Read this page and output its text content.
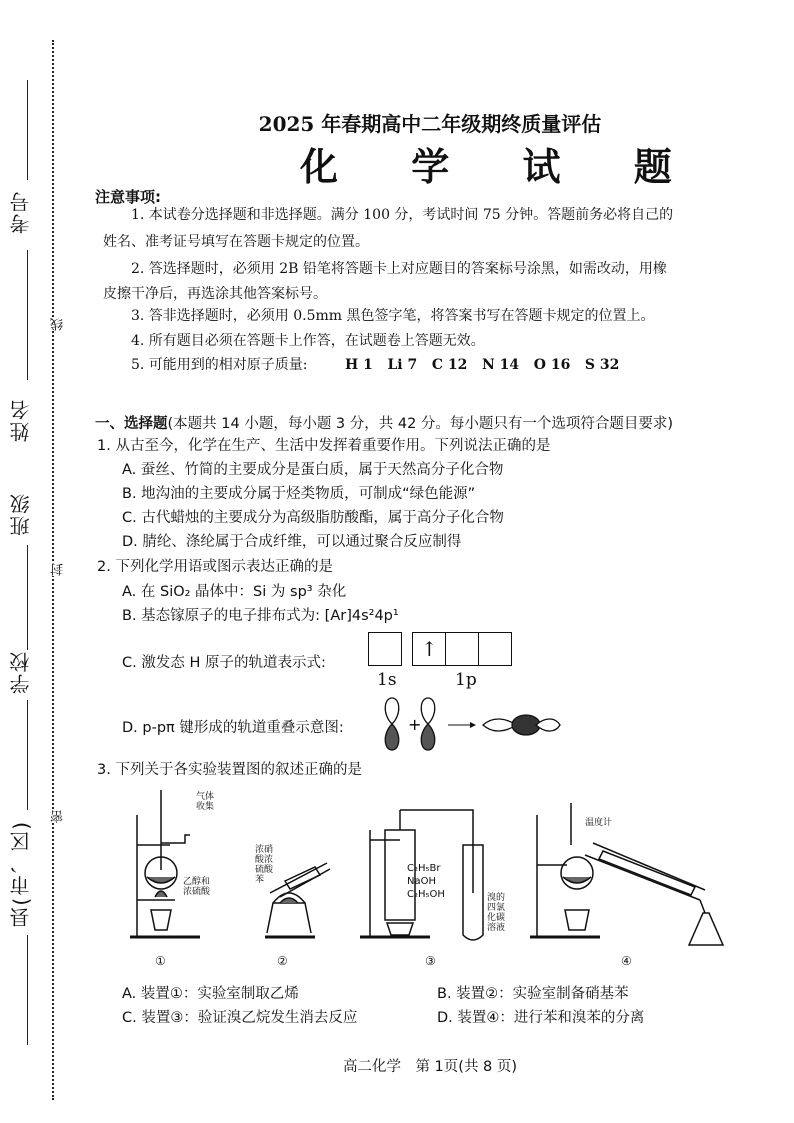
考号
姓名
班级
学校
县(市、区)
线
封
密
2025 年春期高中二年级期终质量评估
化 学 试 题
注意事项:
1. 本试卷分选择题和非选择题。满分 100 分，考试时间 75 分钟。答题前务必将自己的
姓名、准考证号填写在答题卡规定的位置。
2. 答选择题时，必须用 2B 铅笔将答题卡上对应题目的答案标号涂黑，如需改动，用橡
皮擦干净后，再选涂其他答案标号。
3. 答非选择题时，必须用 0.5mm 黑色签字笔，将答案书写在答题卡规定的位置上。
4. 所有题目必须在答题卡上作答，在试题卷上答题无效。
5. 可能用到的相对原子质量:	H 1   Li 7   C 12   N 14   O 16   S 32
一、选择题(本题共 14 小题，每小题 3 分，共 42 分。每小题只有一个选项符合题目要求)
1. 从古至今，化学在生产、生活中发挥着重要作用。下列说法正确的是
A. 蚕丝、竹简的主要成分是蛋白质，属于天然高分子化合物
B. 地沟油的主要成分属于烃类物质，可制成“绿色能源”
C. 古代蜡烛的主要成分为高级脂肪酸酯，属于高分子化合物
D. 腈纶、涤纶属于合成纤维，可以通过聚合反应制得
2. 下列化学用语或图示表达正确的是
A. 在 SiO₂ 晶体中：Si 为 sp³ 杂化
B. 基态镓原子的电子排布式为: [Ar]4s²4p¹
C. 激发态 H 原子的轨道表示式:
↑
1s	1p
D. p-pπ 键形成的轨道重叠示意图:	+
3. 下列关于各实验装置图的叙述正确的是
气体收集
乙醇和浓硫酸
浓硝酸浓硫酸苯
C₂H₅Br NaOH C₂H₅OH	溴的四氯化碳溶液
温度计
①	②	③	④
A. 装置①：实验室制取乙烯	B. 装置②：实验室制备硝基苯
C. 装置③：验证溴乙烷发生消去反应	D. 装置④：进行苯和溴苯的分离
高二化学　第 1页(共 8 页)
